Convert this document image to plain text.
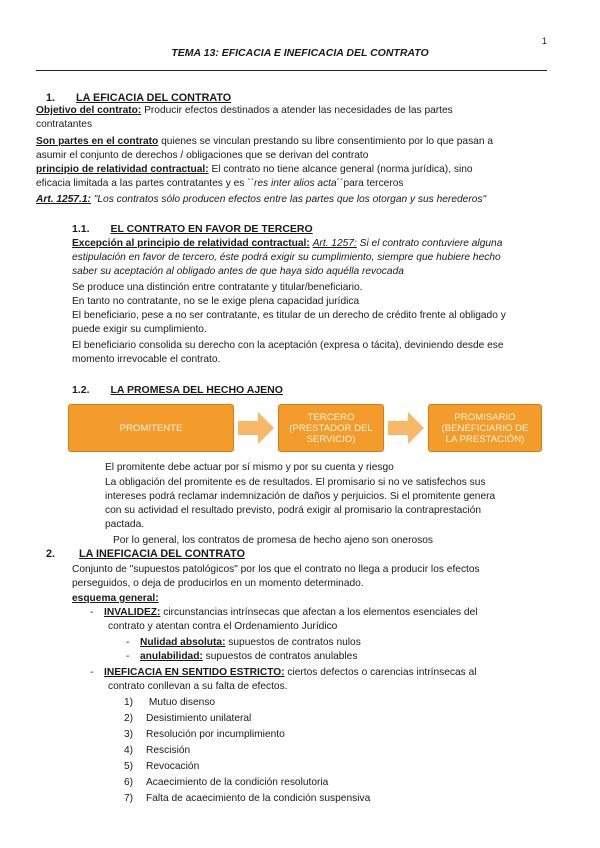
1
TEMA 13: EFICACIA E INEFICACIA DEL CONTRATO
1. LA EFICACIA DEL CONTRATO
Objetivo del contrato: Producir efectos destinados a atender las necesidades de las partes
contratantes
Son partes en el contrato quienes se vinculan prestando su libre consentimiento por lo que pasan a
asumir el conjunto de derechos / obligaciones que se derivan del contrato
principio de relatividad contractual: El contrato no tiene alcance general (norma jurídica), sino
eficacia limitada a las partes contratantes y es ``res inter alios acta´´para terceros
Art. 1257.1: "Los contratos sólo producen efectos entre las partes que los otorgan y sus herederos"
1.1. EL CONTRATO EN FAVOR DE TERCERO
Excepción al principio de relatividad contractual: Art. 1257: Si el contrato contuviere alguna
estipulación en favor de tercero, éste podrá exigir su cumplimiento, siempre que hubiere hecho
saber su aceptación al obligado antes de que haya sido aquélla revocada
Se produce una distinción entre contratante y titular/beneficiario.
En tanto no contratante, no se le exige plena capacidad jurídica
El beneficiario, pese a no ser contratante, es titular de un derecho de crédito frente al obligado y
puede exigir su cumplimiento.
El beneficiario consolida su derecho con la aceptación (expresa o tácita), deviniendo desde ese
momento irrevocable el contrato.
1.2. LA PROMESA DEL HECHO AJENO
PROMITENTE
TERCERO (PRESTADOR DEL SERVICIO)
PROMISARIO (BENEFICIARIO DE LA PRESTACIÓN)
El promitente debe actuar por sí mismo y por su cuenta y riesgo
La obligación del promitente es de resultados. El promisario si no ve satisfechos sus
intereses podrá reclamar indemnización de daños y perjuicios. Si el promitente genera
con su actividad el resultado previsto, podrá exigir al promisario la contraprestación
pactada.
Por lo general, los contratos de promesa de hecho ajeno son onerosos
2. LA INEFICACIA DEL CONTRATO
Conjunto de "supuestos patológicos" por los que el contrato no llega a producir los efectos
perseguidos, o deja de producirlos en un momento determinado.
esquema general:
- INVALIDEZ: circunstancias intrínsecas que afectan a los elementos esenciales del
contrato y atentan contra el Ordenamiento Jurídico
- Nulidad absoluta: supuestos de contratos nulos
- anulabilidad: supuestos de contratos anulables
- INEFICACIA EN SENTIDO ESTRICTO: ciertos defectos o carencias intrínsecas al
contrato conllevan a su falta de efectos.
1) Mutuo disenso
2) Desistimiento unilateral
3) Resolución por incumplimiento
4) Rescisión
5) Revocación
6) Acaecimiento de la condición resolutoria
7) Falta de acaecimiento de la condición suspensiva
